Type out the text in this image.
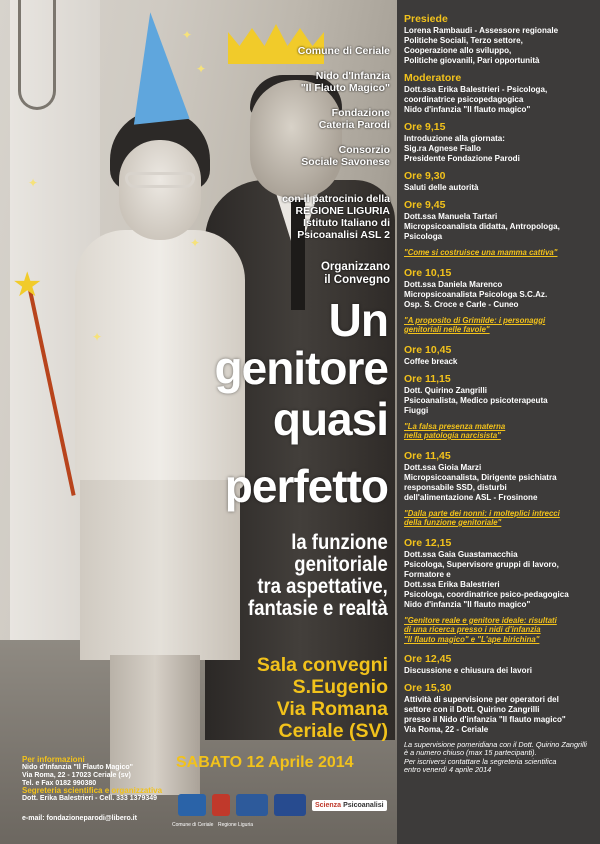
★
✦
✦
✦
✦
✦
Comune di Ceriale
Nido d'Infanzia
"Il Flauto Magico"
Fondazione
Cateria Parodi
Consorzio
Sociale Savonese
con il patrocinio della
REGIONE LIGURIA
Istituto Italiano di
Psicoanalisi ASL 2
Organizzano
il Convegno
Un
genitore
quasi
perfetto
la funzione
genitoriale
tra aspettative,
fantasie e realtà
Sala convegni
S.Eugenio
Via Romana
Ceriale (SV)
SABATO 12 Aprile 2014
Per informazioni
Nido d'Infanzia "Il Flauto Magico"
Via Roma, 22 - 17023 Ceriale (sv)
Tel. e Fax 0182 990380
Segreteria scientifica e organizzativa
Dott. Erika Balestrieri - Cell. 333 1379349
e-mail: fondazioneparodi@libero.it
Scienza Psicoanalisi
Comune di Ceriale Regione Liguria
Presiede
Lorena Rambaudi - Assessore regionale
Politiche Sociali, Terzo settore,
Cooperazione allo sviluppo,
Politiche giovanili, Pari opportunità
Moderatore
Dott.ssa Erika Balestrieri - Psicologa,
coordinatrice psicopedagogica
Nido d'infanzia "Il flauto magico"
Ore 9,15
Introduzione alla giornata:
Sig.ra Agnese Fiallo
Presidente Fondazione Parodi
Ore 9,30
Saluti delle autorità
Ore 9,45
Dott.ssa Manuela Tartari
Micropsicoanalista didatta, Antropologa,
Psicologa
"Come si costruisce una mamma cattiva"
Ore 10,15
Dott.ssa Daniela Marenco
Micropsicoanalista Psicologa S.C.Az.
Osp. S. Croce e Carle - Cuneo
"A proposito di Grimilde: i personaggi
genitoriali nelle favole"
Ore 10,45
Coffee breack
Ore 11,15
Dott. Quirino Zangrilli
Psicoanalista, Medico psicoterapeuta
Fiuggi
"La falsa presenza materna
nella patologia narcisista"
Ore 11,45
Dott.ssa Gioia Marzi
Micropsicoanalista, Dirigente psichiatra
responsabile SSD, disturbi
dell'alimentazione ASL - Frosinone
"Dalla parte dei nonni: i molteplici intrecci
della funzione genitoriale"
Ore 12,15
Dott.ssa Gaia Guastamacchia
Psicologa, Supervisore gruppi di lavoro,
Formatore e
Dott.ssa Erika Balestrieri
Psicologa, coordinatrice psico-pedagogica
Nido d'infanzia "Il flauto magico"
"Genitore reale e genitore ideale: risultati
di una ricerca presso i nidi d'infanzia
"Il flauto magico" e "L'ape birichina"
Ore 12,45
Discussione e chiusura dei lavori
Ore 15,30
Attività di supervisione per operatori del
settore con il Dott. Quirino Zangrilli
presso il Nido d'infanzia "Il flauto magico"
Via Roma, 22 - Ceriale
La supervisione pomeridiana con il Dott. Quirino Zangrilli
è a numero chiuso (max 15 partecipanti).
Per iscriversi contattare la segreteria scientifica
entro venerdì 4 aprile 2014
